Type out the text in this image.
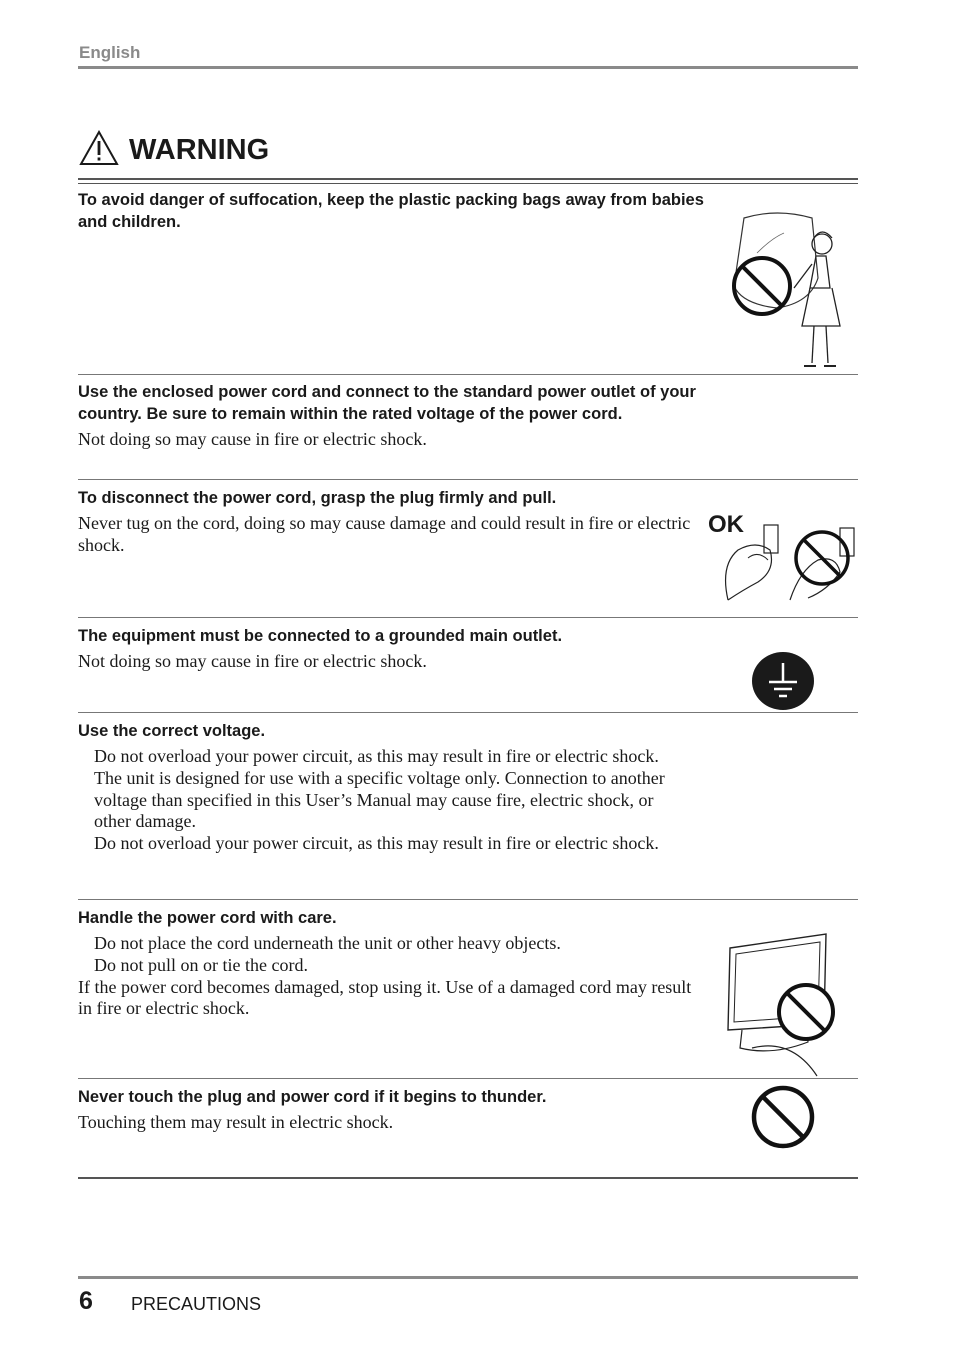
English
WARNING
To avoid danger of suffocation, keep the plastic packing bags away from babies and children.
Use the enclosed power cord and connect to the standard power outlet of your country. Be sure to remain within the rated voltage of the power cord.
Not doing so may cause in fire or electric shock.
To disconnect the power cord, grasp the plug firmly and pull.
Never tug on the cord, doing so may cause damage and could result in fire or electric shock.
OK
The equipment must be connected to a grounded main outlet.
Not doing so may cause in fire or electric shock.
Use the correct voltage.
Do not overload your power circuit, as this may result in fire or electric shock.
The unit is designed for use with a specific voltage only. Connection to another voltage than specified in this User’s Manual may cause fire, electric shock, or other damage.
Do not overload your power circuit, as this may result in fire or electric shock.
Handle the power cord with care.
Do not place the cord underneath the unit or other heavy objects.
Do not pull on or tie the cord.
If the power cord becomes damaged, stop using it. Use of a damaged cord may result in fire or electric shock.
Never touch the plug and power cord if it begins to thunder.
Touching them may result in electric shock.
6 PRECAUTIONS
